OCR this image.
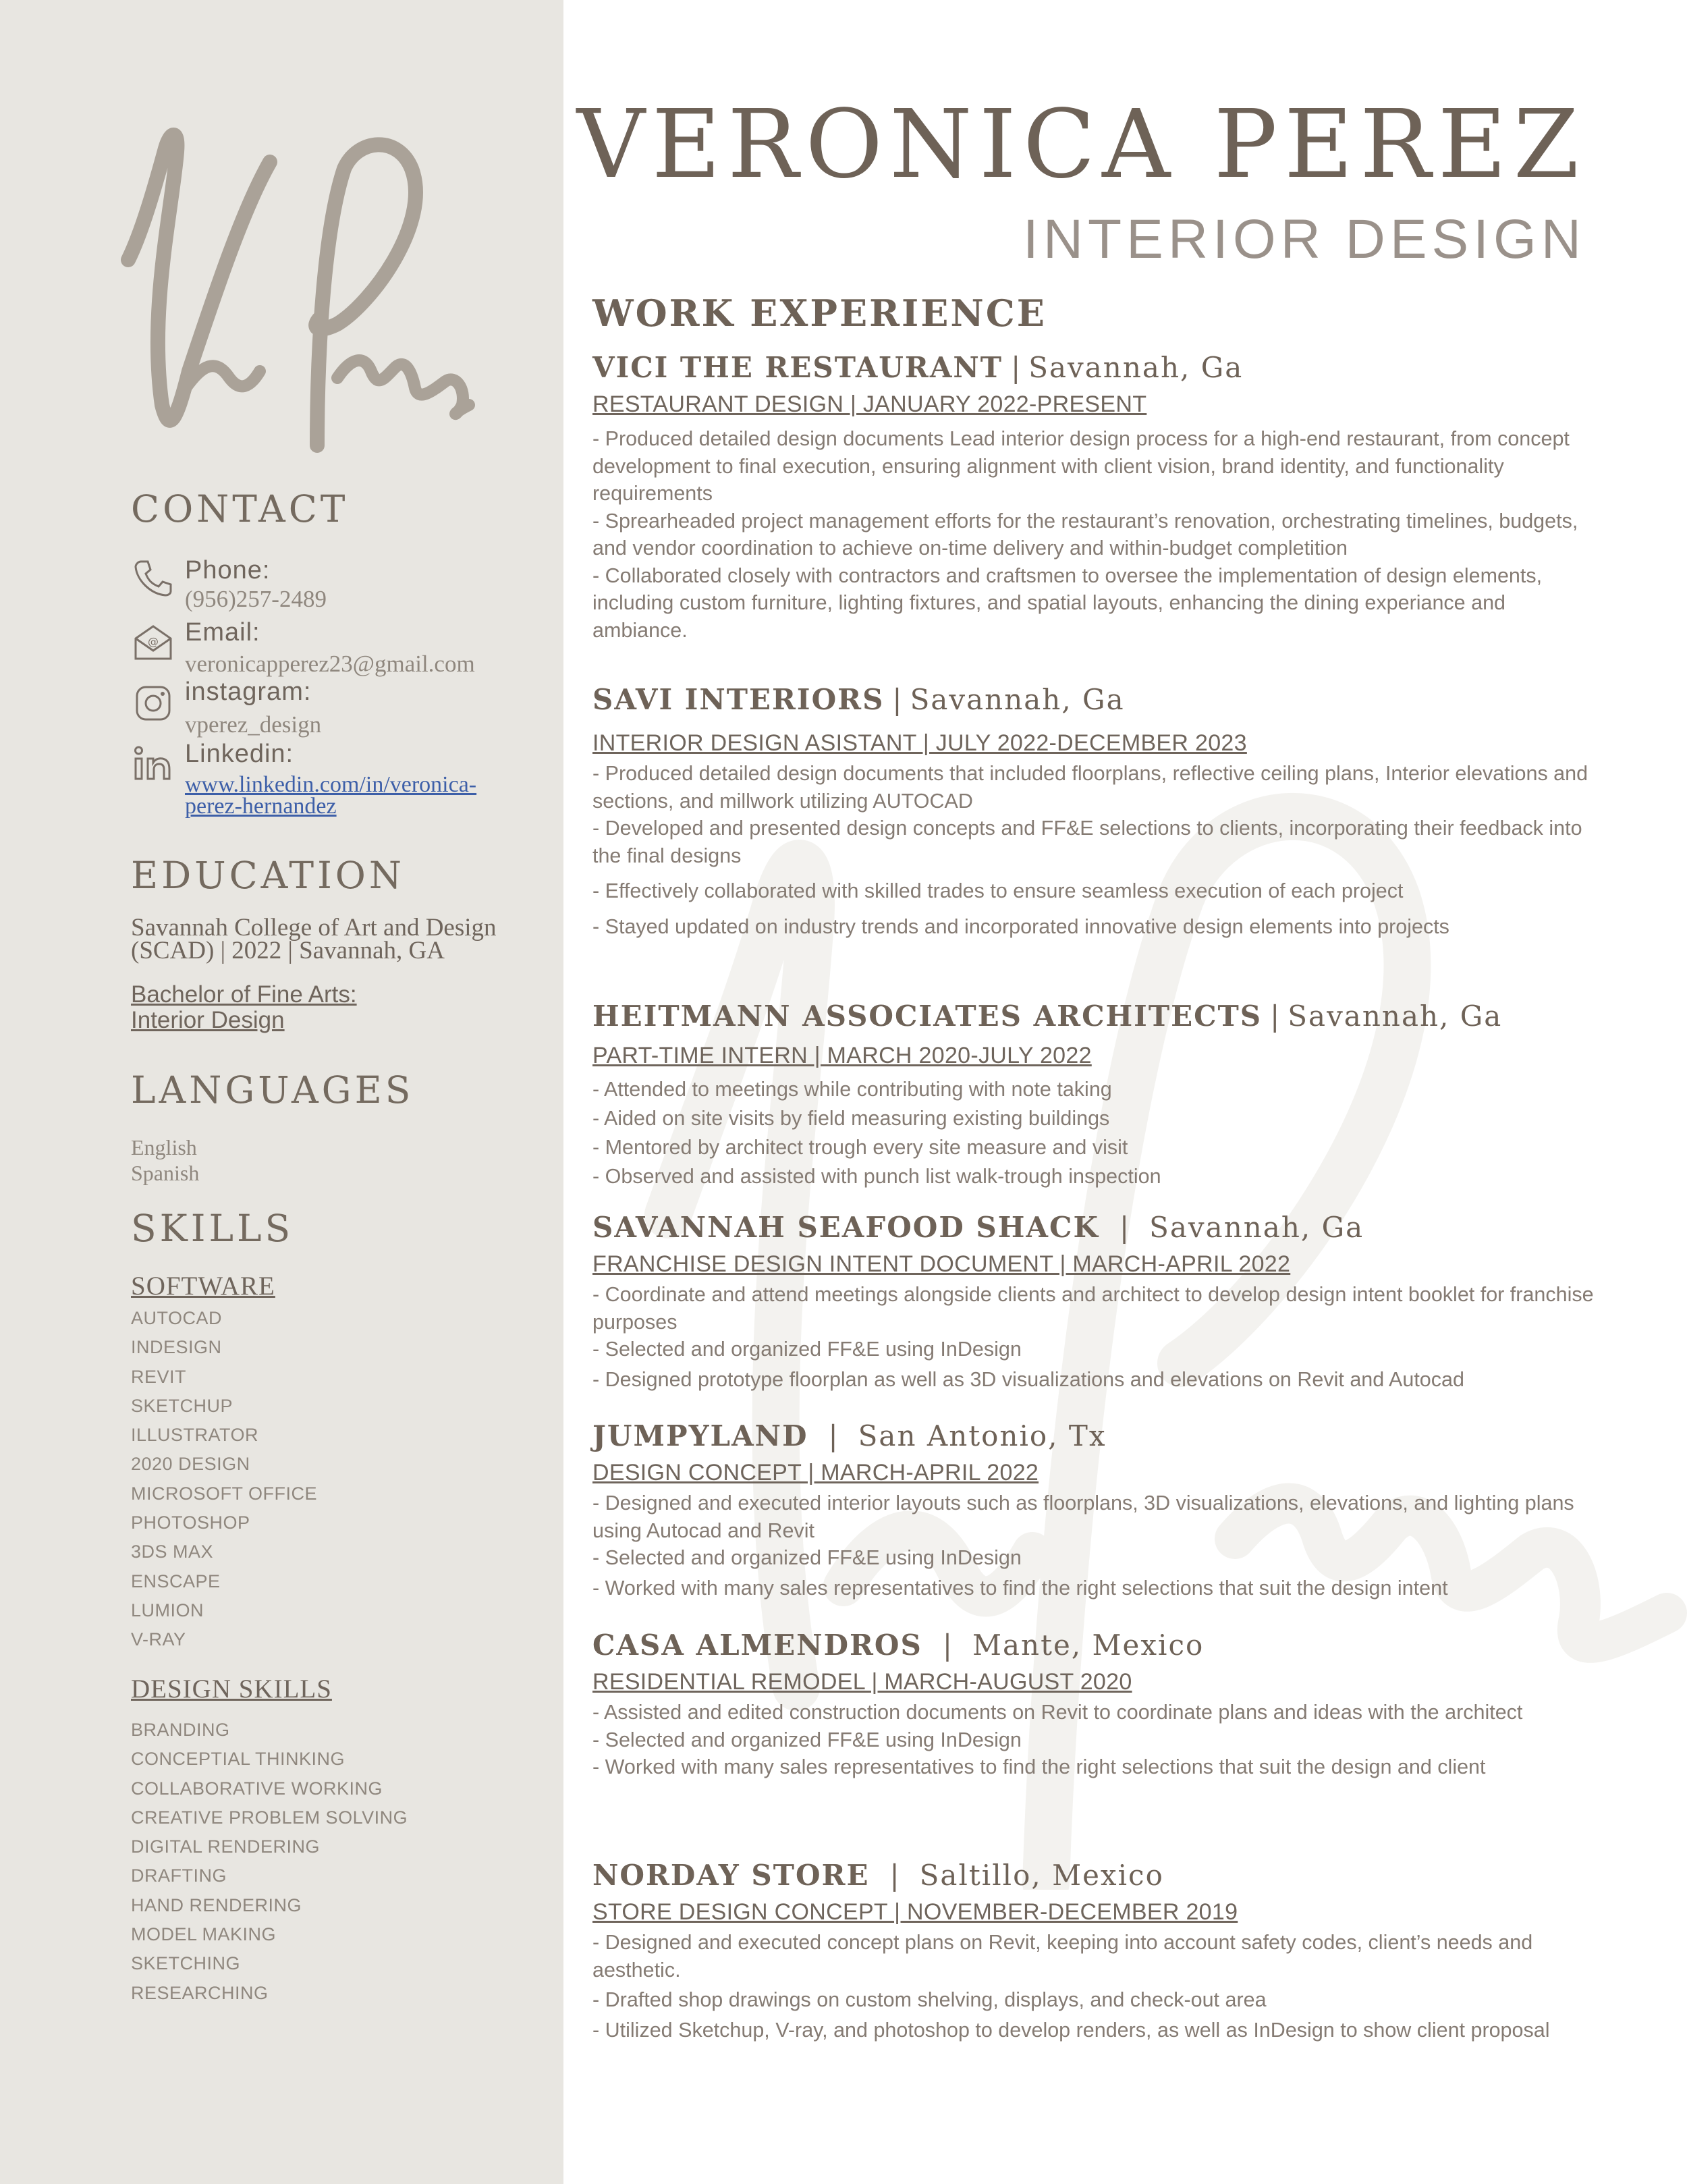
CONTACT
Phone:
(956)257-2489
@ Email:
veronicapperez23@gmail.com
instagram:
vperez_design
Linkedin:
www.linkedin.com/in/veronica-
perez-hernandez
EDUCATION
Savannah College of Art and Design
(SCAD) | 2022 | Savannah, GA
Bachelor of Fine Arts:
Interior Design
LANGUAGES
English
Spanish
SKILLS
SOFTWARE
AUTOCAD
INDESIGN
REVIT
SKETCHUP
ILLUSTRATOR
2020 DESIGN
MICROSOFT OFFICE
PHOTOSHOP
3DS MAX
ENSCAPE
LUMION
V-RAY
DESIGN SKILLS
BRANDING
CONCEPTIAL THINKING
COLLABORATIVE WORKING
CREATIVE PROBLEM SOLVING
DIGITAL RENDERING
DRAFTING
HAND RENDERING
MODEL MAKING
SKETCHING
RESEARCHING
VERONICA PEREZ
INTERIOR DESIGN
WORK EXPERIENCE
VICI THE RESTAURANT | Savannah, Ga
RESTAURANT DESIGN | JANUARY 2022-PRESENT
- Produced detailed design documents Lead interior design process for a high-end restaurant, from concept development to final execution, ensuring alignment with client vision, brand identity, and functionality requirements
- Sprearheaded project management efforts for the restaurant’s renovation, orchestrating timelines, budgets, and vendor coordination to achieve on-time delivery and within-budget completition
- Collaborated closely with contractors and craftsmen to oversee the implementation of design elements, including custom furniture, lighting fixtures, and spatial layouts, enhancing the dining experiance and ambiance.
SAVI INTERIORS | Savannah, Ga
INTERIOR DESIGN ASISTANT | JULY 2022-DECEMBER 2023
- Produced detailed design documents that included floorplans, reflective ceiling plans, Interior elevations and sections, and millwork utilizing AUTOCAD
- Developed and presented design concepts and FF&E selections to clients, incorporating their feedback into the final designs
- Effectively collaborated with skilled trades to ensure seamless execution of each project
- Stayed updated on industry trends and incorporated innovative design elements into projects
HEITMANN ASSOCIATES ARCHITECTS | Savannah, Ga
PART-TIME INTERN | MARCH 2020-JULY 2022
- Attended to meetings while contributing with note taking
- Aided on site visits by field measuring existing buildings
- Mentored by architect trough every site measure and visit
- Observed and assisted with punch list walk-trough inspection
SAVANNAH SEAFOOD SHACK | Savannah, Ga
FRANCHISE DESIGN INTENT DOCUMENT | MARCH-APRIL 2022
- Coordinate and attend meetings alongside clients and architect to develop design intent booklet for franchise purposes
- Selected and organized FF&E using InDesign
- Designed prototype floorplan as well as 3D visualizations and elevations on Revit and Autocad
JUMPYLAND | San Antonio, Tx
DESIGN CONCEPT | MARCH-APRIL 2022
- Designed and executed interior layouts such as floorplans, 3D visualizations, elevations, and lighting plans using Autocad and Revit
- Selected and organized FF&E using InDesign
- Worked with many sales representatives to find the right selections that suit the design intent
CASA ALMENDROS | Mante, Mexico
RESIDENTIAL REMODEL | MARCH-AUGUST 2020
- Assisted and edited construction documents on Revit to coordinate plans and ideas with the architect
- Selected and organized FF&E using InDesign
- Worked with many sales representatives to find the right selections that suit the design and client
NORDAY STORE | Saltillo, Mexico
STORE DESIGN CONCEPT | NOVEMBER-DECEMBER 2019
- Designed and executed concept plans on Revit, keeping into account safety codes, client’s needs and aesthetic.
- Drafted shop drawings on custom shelving, displays, and check-out area
- Utilized Sketchup, V-ray, and photoshop to develop renders, as well as InDesign to show client proposal
